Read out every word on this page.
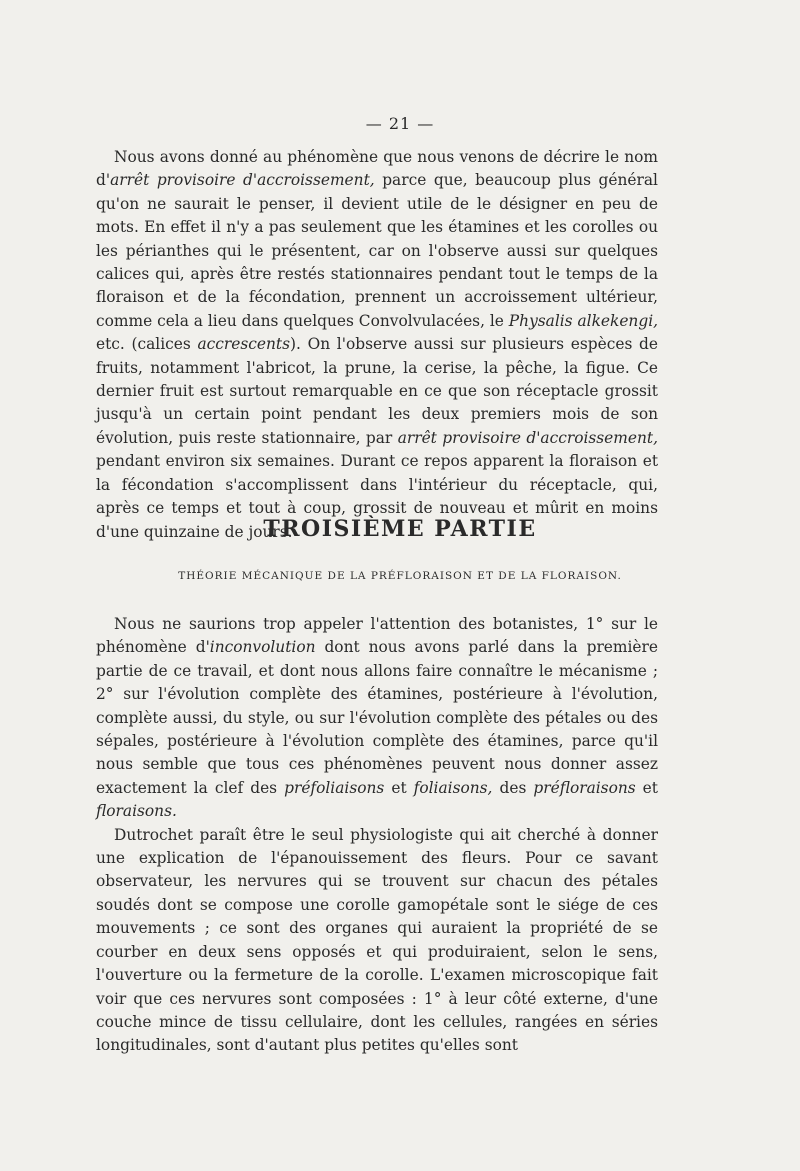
— 21 —

Nous avons donné au phénomène que nous venons de décrire le nom d'arrêt provisoire d'accroissement, parce que, beaucoup plus général qu'on ne saurait le penser, il devient utile de le désigner en peu de mots. En effet il n'y a pas seulement que les étamines et les corolles ou les périanthes qui le présentent, car on l'observe aussi sur quelques calices qui, après être restés stationnaires pendant tout le temps de la floraison et de la fécondation, prennent un accroissement ultérieur, comme cela a lieu dans quelques Convolvulacées, le Physalis alkekengi, etc. (calices accrescents). On l'observe aussi sur plusieurs espèces de fruits, notamment l'abricot, la prune, la cerise, la pêche, la figue. Ce dernier fruit est surtout remarquable en ce que son réceptacle grossit jusqu'à un certain point pendant les deux premiers mois de son évolution, puis reste stationnaire, par arrêt provisoire d'accroissement, pendant environ six semaines. Durant ce repos apparent la floraison et la fécondation s'accomplissent dans l'intérieur du réceptacle, qui, après ce temps et tout à coup, grossit de nouveau et mûrit en moins d'une quinzaine de jours.

TROISIÈME PARTIE
THÉORIE MÉCANIQUE DE LA PRÉFLORAISON ET DE LA FLORAISON.

Nous ne saurions trop appeler l'attention des botanistes, 1° sur le phénomène d'inconvolution dont nous avons parlé dans la première partie de ce travail, et dont nous allons faire connaître le mécanisme ; 2° sur l'évolution complète des étamines, postérieure à l'évolution, complète aussi, du style, ou sur l'évolution complète des pétales ou des sépales, postérieure à l'évolution complète des étamines, parce qu'il nous semble que tous ces phénomènes peuvent nous donner assez exactement la clef des préfoliaisons et foliaisons, des préfloraisons et floraisons.

Dutrochet paraît être le seul physiologiste qui ait cherché à donner une explication de l'épanouissement des fleurs. Pour ce savant observateur, les nervures qui se trouvent sur chacun des pétales soudés dont se compose une corolle gamopétale sont le siége de ces mouvements ; ce sont des organes qui auraient la propriété de se courber en deux sens opposés et qui produiraient, selon le sens, l'ouverture ou la fermeture de la corolle. L'examen microscopique fait voir que ces nervures sont composées : 1° à leur côté externe, d'une couche mince de tissu cellulaire, dont les cellules, rangées en séries longitudinales, sont d'autant plus petites qu'elles sont
